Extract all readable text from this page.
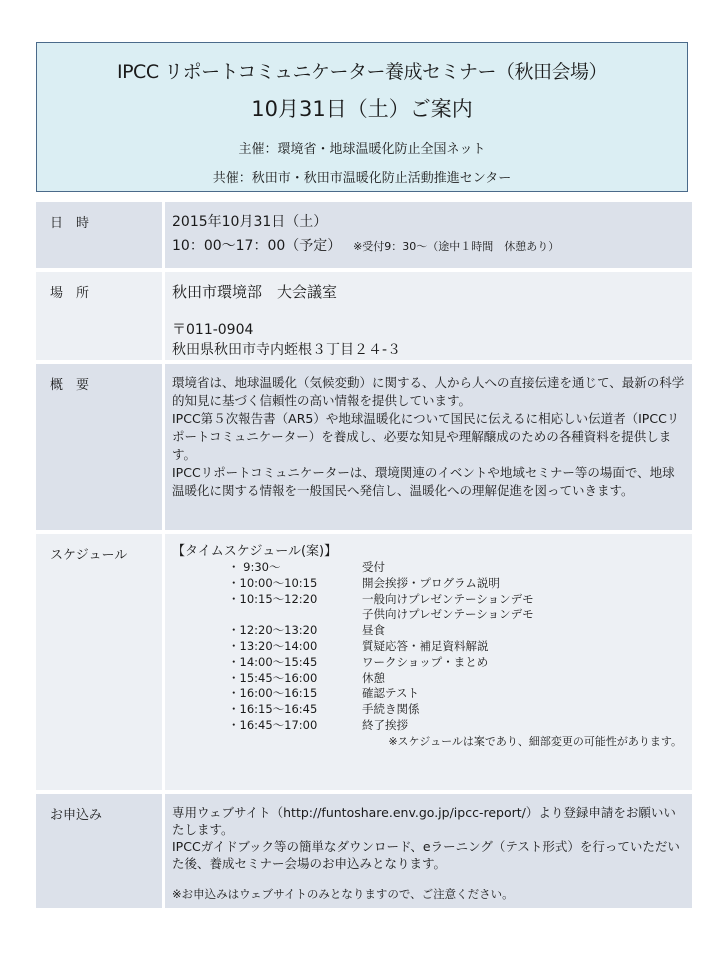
IPCC リポートコミュニケーター養成セミナー（秋田会場）
10月31日（土）ご案内
主催：環境省・地球温暖化防止全国ネット
共催：秋田市・秋田市温暖化防止活動推進センター
日　時	2015年10月31日（土）

10：00～17：00（予定） ※受付9：30～（途中１時間　休憩あり）

場　所	秋田市環境部　大会議室

〒011-0904

秋田県秋田市寺内蛭根３丁目２４-３

概　要	環境省は、地球温暖化（気候変動）に関する、人から人への直接伝達を通じて、最新の科学的知見に基づく信頼性の高い情報を提供しています。

IPCC第５次報告書（AR5）や地球温暖化について国民に伝えるに相応しい伝道者（IPCCリポートコミュニケーター）を養成し、必要な知見や理解醸成のための各種資料を提供します。

IPCCリポートコミュニケーターは、環境関連のイベントや地域セミナー等の場面で、地球温暖化に関する情報を一般国民へ発信し、温暖化への理解促進を図っていきます。

スケジュール	【タイムスケジュール(案)】

・ 9:30～	受付
・10:00～10:15	開会挨拶・プログラム説明
・10:15～12:20	一般向けプレゼンテーションデモ
子供向けプレゼンテーションデモ
・12:20～13:20	昼食
・13:20～14:00	質疑応答・補足資料解説
・14:00～15:45	ワークショップ・まとめ
・15:45～16:00	休憩
・16:00～16:15	確認テスト
・16:15～16:45	手続き関係
・16:45～17:00	終了挨拶

※スケジュールは案であり、細部変更の可能性があります。

お申込み	専用ウェブサイト（http://funtoshare.env.go.jp/ipcc-report/）より登録申請をお願いいたします。

IPCCガイドブック等の簡単なダウンロード、eラーニング（テスト形式）を行っていただいた後、養成セミナー会場のお申込みとなります。

※お申込みはウェブサイトのみとなりますので、ご注意ください。
